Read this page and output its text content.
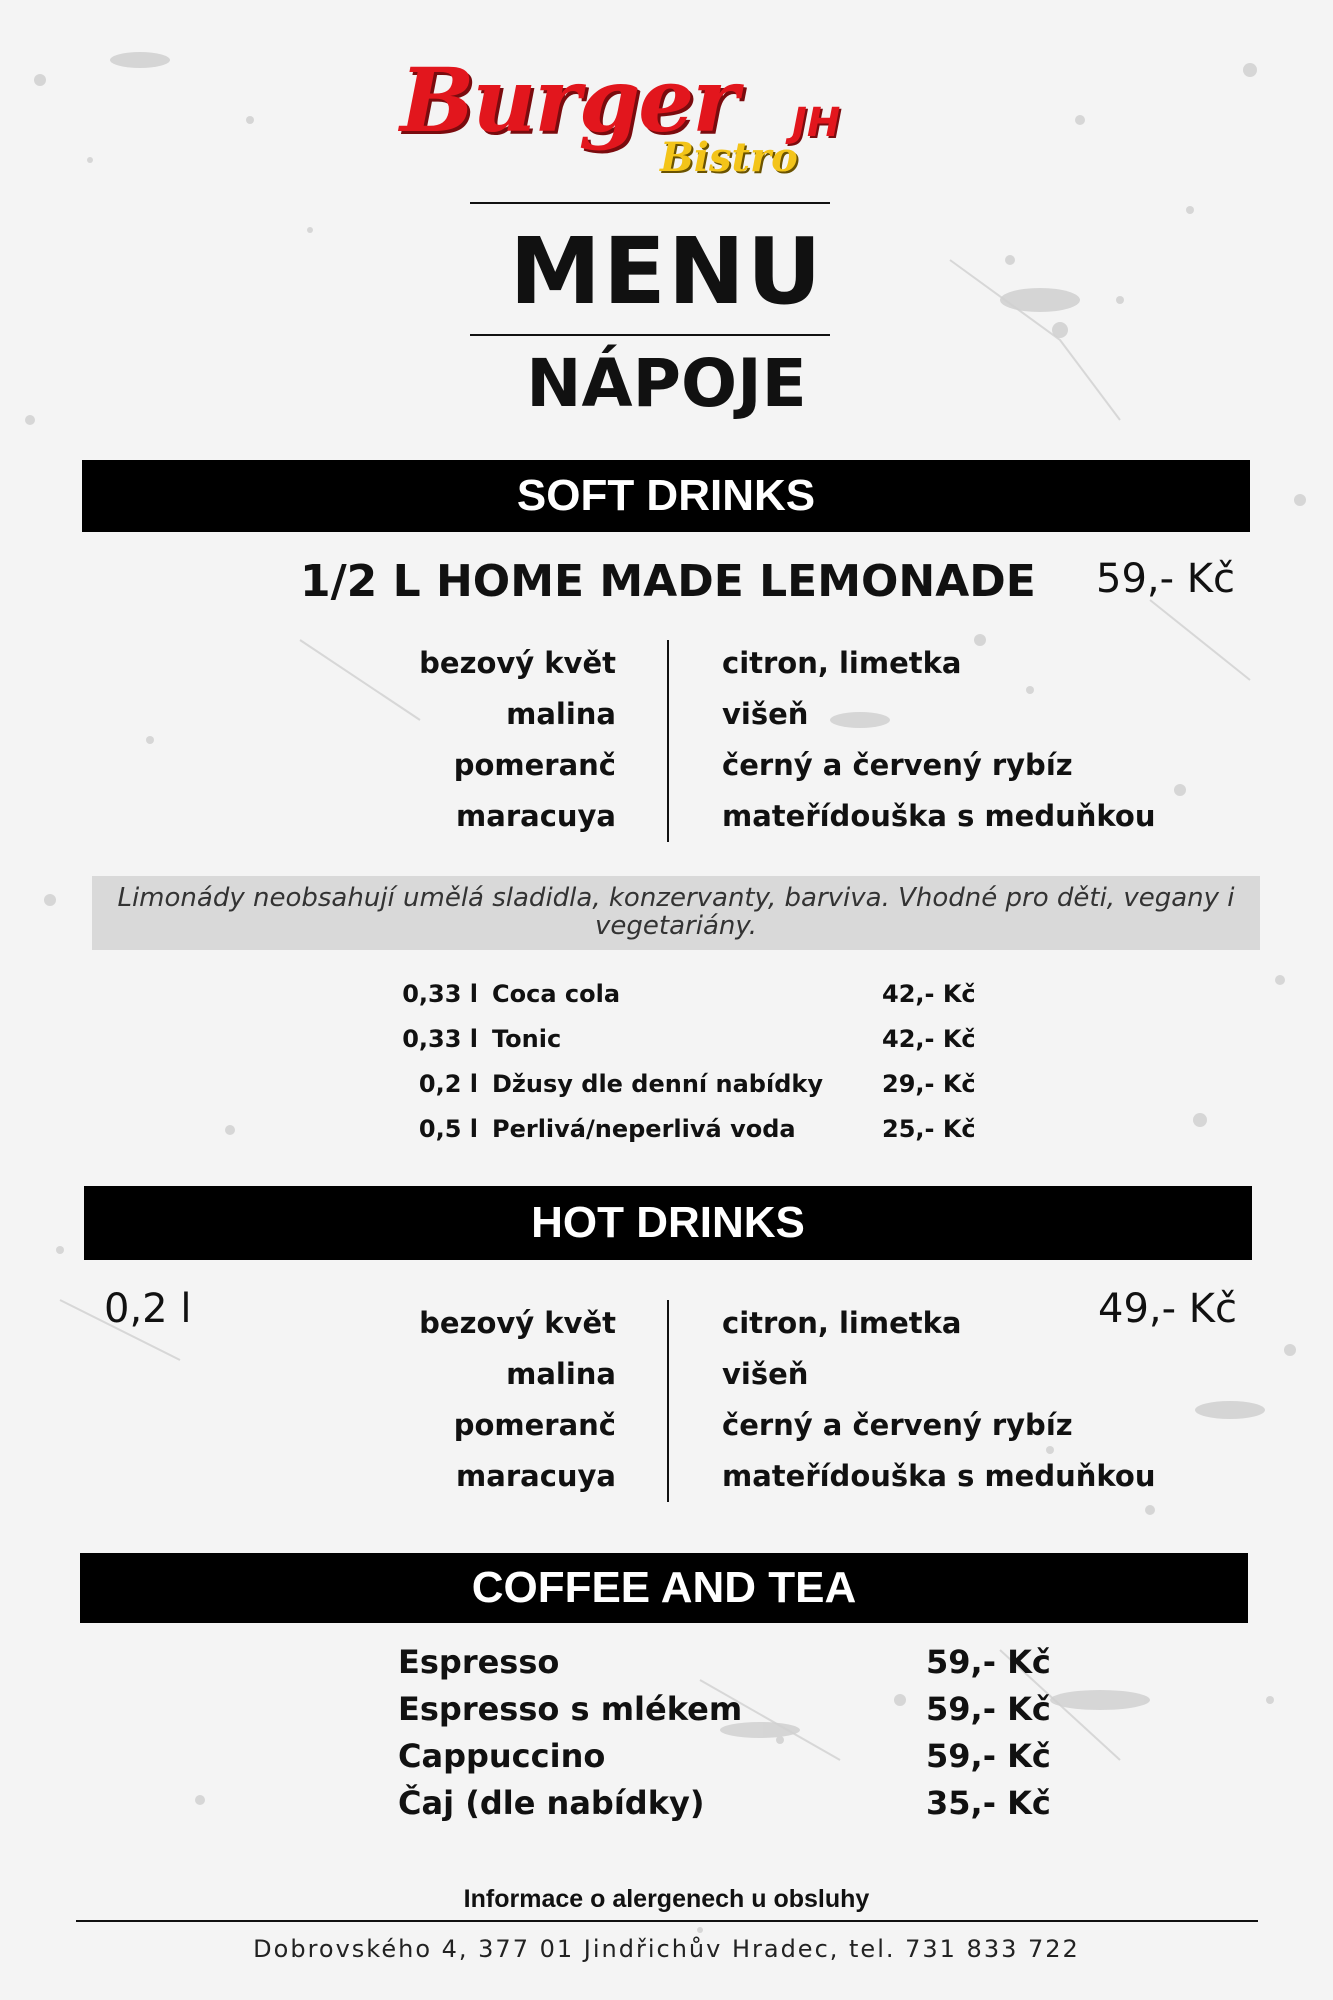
Burger JH
Bistro
MENU
NÁPOJE
SOFT DRINKS
1/2 L HOME MADE LEMONADE 59,- Kč
bezový květ
malina
pomeranč
maracuya
citron, limetka
višeň
černý a červený rybíz
mateřídouška s meduňkou
Limonády neobsahují umělá sladidla, konzervanty, barviva. Vhodné pro děti, vegany i vegetariány.
0,33 l Coca cola	42,- Kč
0,33 l Tonic	42,- Kč
0,2 l Džusy dle denní nabídky 29,- Kč
0,5 l Perlivá/neperlivá voda	25,- Kč
HOT DRINKS
0,2 l	49,- Kč
bezový květ
malina
pomeranč
maracuya
citron, limetka
višeň
černý a červený rybíz
mateřídouška s meduňkou
COFFEE AND TEA
Espresso	59,- Kč
Espresso s mlékem	59,- Kč
Cappuccino	59,- Kč
Čaj (dle nabídky)	35,- Kč
Informace o alergenech u obsluhy
Dobrovského 4, 377 01 Jindřichův Hradec, tel. 731 833 722
